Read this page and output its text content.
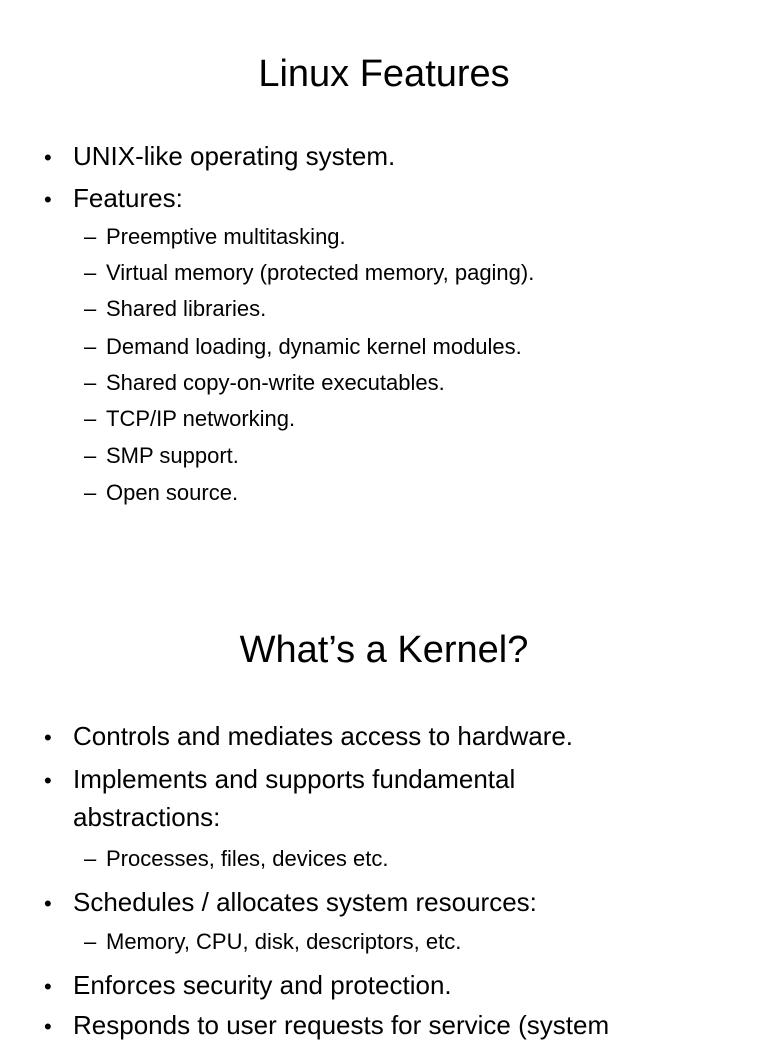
Linux Features
• UNIX-like operating system.
• Features:
– Preemptive multitasking.
– Virtual memory (protected memory, paging).
– Shared libraries.
– Demand loading, dynamic kernel modules.
– Shared copy-on-write executables.
– TCP/IP networking.
– SMP support.
– Open source.
What’s a Kernel?
• Controls and mediates access to hardware.
• Implements and supports fundamental
abstractions:
– Processes, files, devices etc.
• Schedules / allocates system resources:
– Memory, CPU, disk, descriptors, etc.
• Enforces security and protection.
• Responds to user requests for service (system
